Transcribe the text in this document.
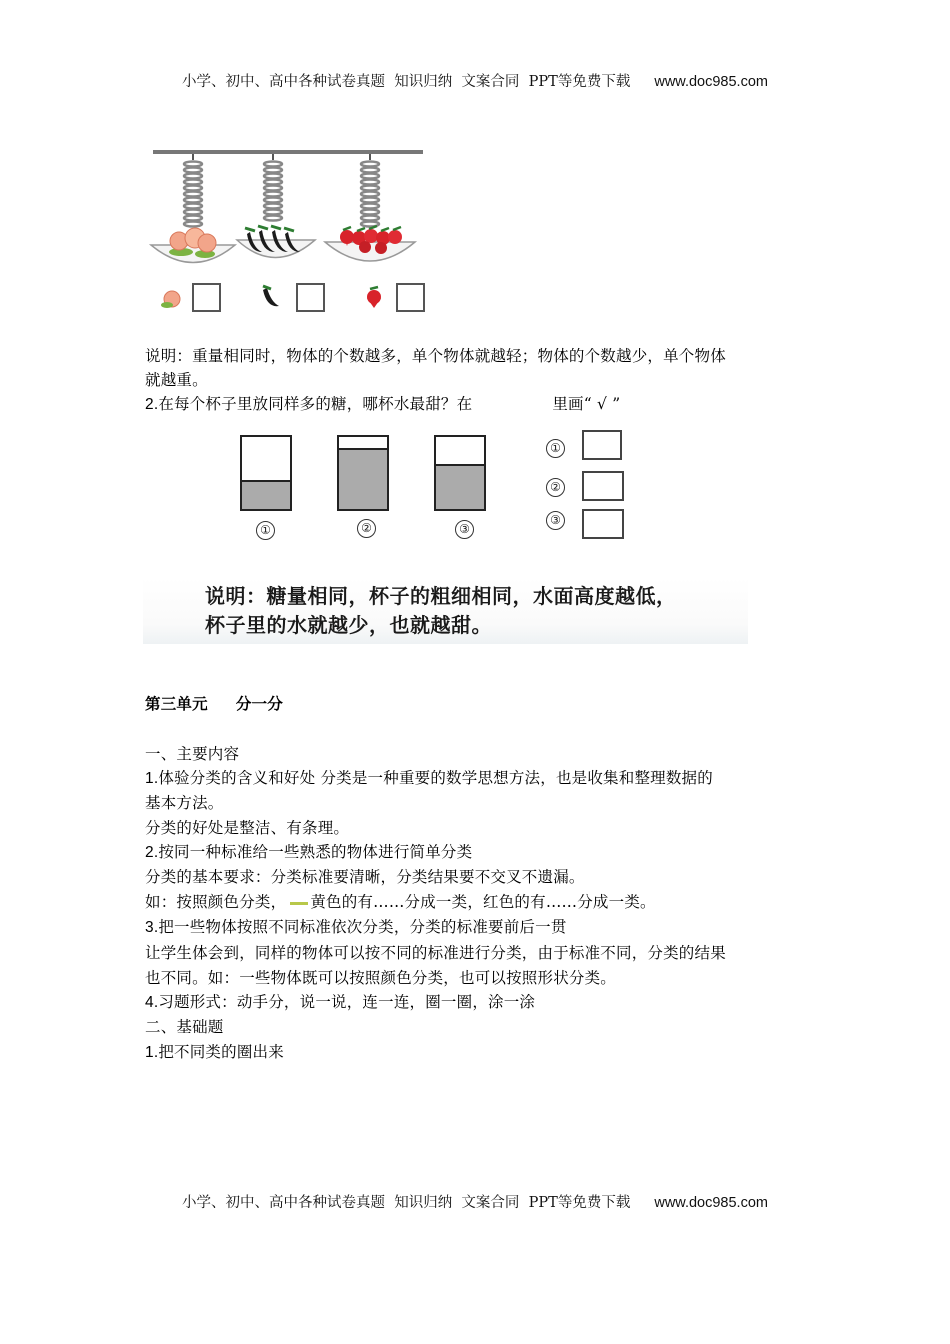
小学、初中、高中各种试卷真题  知识归纳  文案合同  PPT等免费下载 www.doc985.com
说明：重量相同时，物体的个数越多，单个物体就越轻；物体的个数越少，单个物体
就越重。
2.在每个杯子里放同样多的糖，哪杯水最甜？在	里画“ √ ”
①	②	③
①
②
③
说明：糖量相同，杯子的粗细相同，水面高度越低，
杯子里的水就越少，也就越甜。
第三单元 分一分
一、主要内容
1.体验分类的含义和好处 分类是一种重要的数学思想方法，也是收集和整理数据的
基本方法。
分类的好处是整洁、有条理。
2.按同一种标准给一些熟悉的物体进行简单分类
分类的基本要求：分类标准要清晰，分类结果要不交叉不遗漏。
如：按照颜色分类， 黄色的有……分成一类，红色的有……分成一类。
3.把一些物体按照不同标准依次分类，分类的标准要前后一贯
让学生体会到，同样的物体可以按不同的标准进行分类，由于标准不同，分类的结果
也不同。如：一些物体既可以按照颜色分类，也可以按照形状分类。
4.习题形式：动手分，说一说，连一连，圈一圈，涂一涂
二、基础题
1.把不同类的圈出来
小学、初中、高中各种试卷真题  知识归纳  文案合同  PPT等免费下载 www.doc985.com
